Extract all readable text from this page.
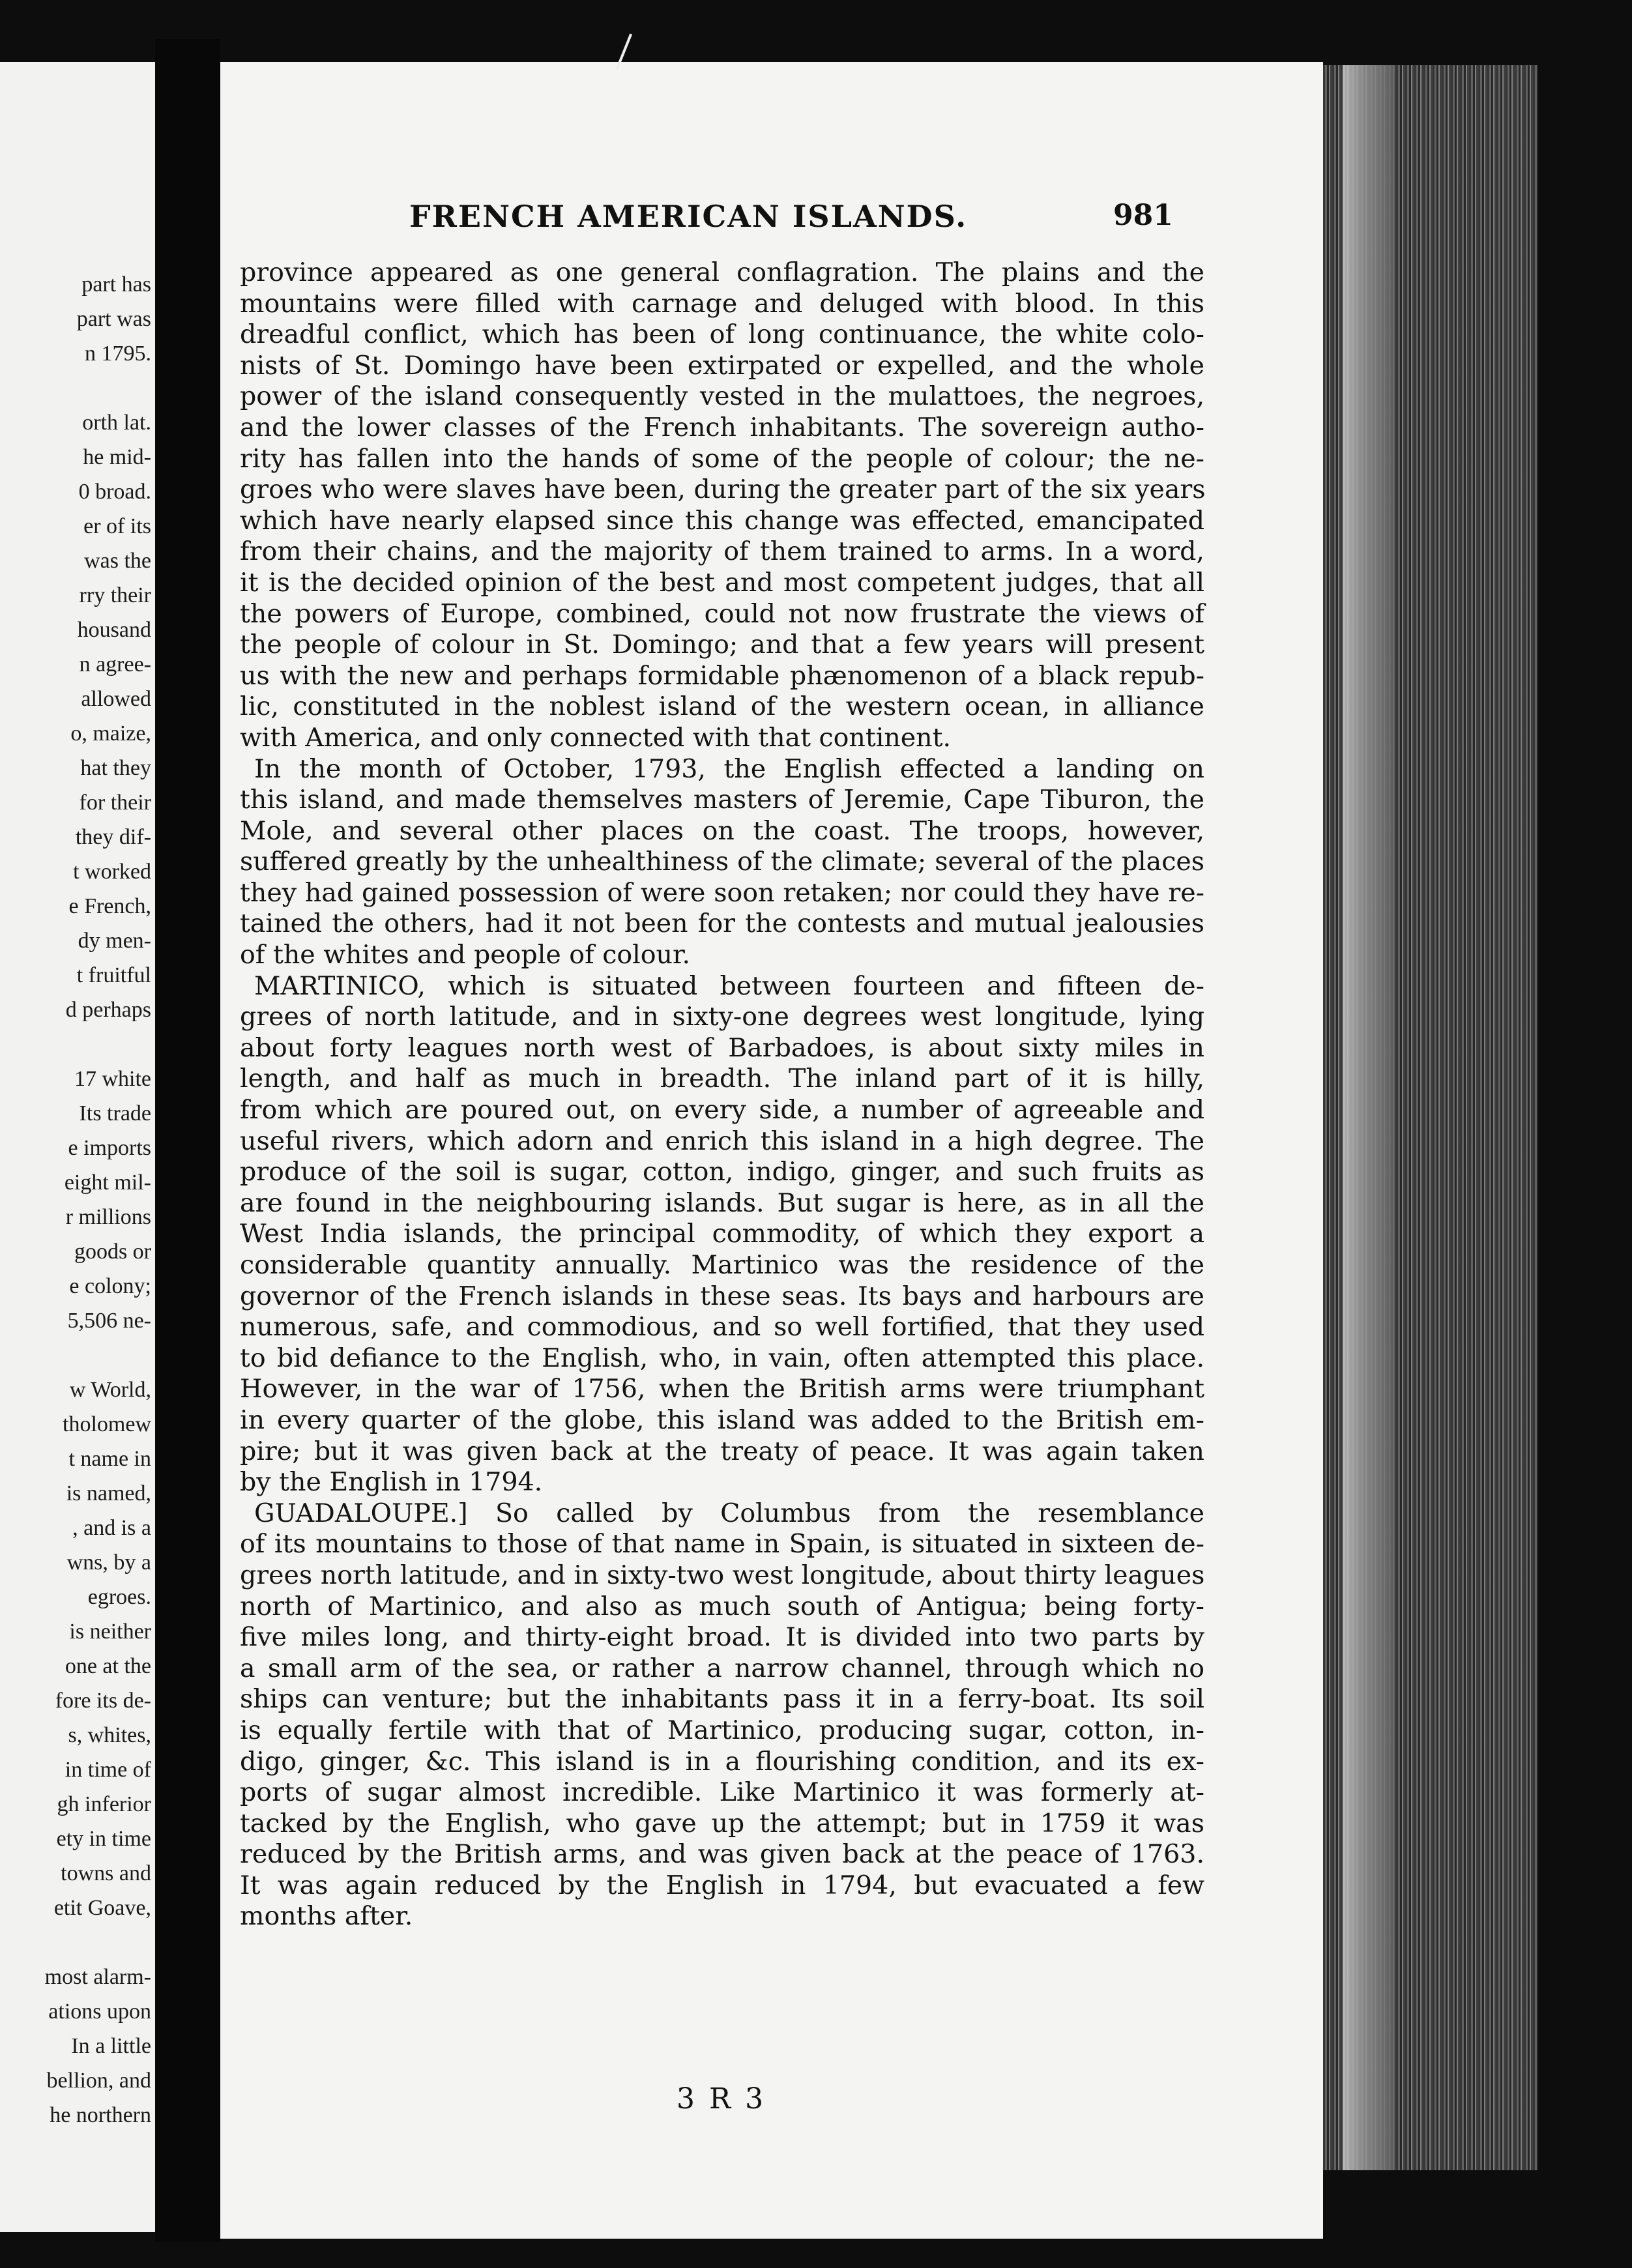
part has
part was
n 1795.
orth lat.
he mid-
0 broad.
er of its
was the
rry their
housand
n agree-
allowed
o, maize,
hat they
for their
they dif-
t worked
e French,
dy men-
t fruitful
d perhaps
17 white
Its trade
e imports
eight mil-
r millions
goods or
e colony;
5,506 ne-
w World,
tholomew
t name in
is named,
, and is a
wns, by a
egroes.
is neither
one at the
fore its de-
s, whites,
in time of
gh inferior
ety in time
towns and
etit Goave,
most alarm-
ations upon
In a little
bellion, and
he northern
FRENCH AMERICAN ISLANDS.	981
province appeared as one general conflagration. The plains and the
mountains were filled with carnage and deluged with blood. In this
dreadful conflict, which has been of long continuance, the white colo-
nists of St. Domingo have been extirpated or expelled, and the whole
power of the island consequently vested in the mulattoes, the negroes,
and the lower classes of the French inhabitants. The sovereign autho-
rity has fallen into the hands of some of the people of colour; the ne-
groes who were slaves have been, during the greater part of the six years
which have nearly elapsed since this change was effected, emancipated
from their chains, and the majority of them trained to arms. In a word,
it is the decided opinion of the best and most competent judges, that all
the powers of Europe, combined, could not now frustrate the views of
the people of colour in St. Domingo; and that a few years will present
us with the new and perhaps formidable phænomenon of a black repub-
lic, constituted in the noblest island of the western ocean, in alliance
with America, and only connected with that continent.
In the month of October, 1793, the English effected a landing on
this island, and made themselves masters of Jeremie, Cape Tiburon, the
Mole, and several other places on the coast. The troops, however,
suffered greatly by the unhealthiness of the climate; several of the places
they had gained possession of were soon retaken; nor could they have re-
tained the others, had it not been for the contests and mutual jealousies
of the whites and people of colour.
MARTINICO, which is situated between fourteen and fifteen de-
grees of north latitude, and in sixty-one degrees west longitude, lying
about forty leagues north west of Barbadoes, is about sixty miles in
length, and half as much in breadth. The inland part of it is hilly,
from which are poured out, on every side, a number of agreeable and
useful rivers, which adorn and enrich this island in a high degree. The
produce of the soil is sugar, cotton, indigo, ginger, and such fruits as
are found in the neighbouring islands. But sugar is here, as in all the
West India islands, the principal commodity, of which they export a
considerable quantity annually. Martinico was the residence of the
governor of the French islands in these seas. Its bays and harbours are
numerous, safe, and commodious, and so well fortified, that they used
to bid defiance to the English, who, in vain, often attempted this place.
However, in the war of 1756, when the British arms were triumphant
in every quarter of the globe, this island was added to the British em-
pire; but it was given back at the treaty of peace. It was again taken
by the English in 1794.
GUADALOUPE.] So called by Columbus from the resemblance
of its mountains to those of that name in Spain, is situated in sixteen de-
grees north latitude, and in sixty-two west longitude, about thirty leagues
north of Martinico, and also as much south of Antigua; being forty-
five miles long, and thirty-eight broad. It is divided into two parts by
a small arm of the sea, or rather a narrow channel, through which no
ships can venture; but the inhabitants pass it in a ferry-boat. Its soil
is equally fertile with that of Martinico, producing sugar, cotton, in-
digo, ginger, &c. This island is in a flourishing condition, and its ex-
ports of sugar almost incredible. Like Martinico it was formerly at-
tacked by the English, who gave up the attempt; but in 1759 it was
reduced by the British arms, and was given back at the peace of 1763.
It was again reduced by the English in 1794, but evacuated a few
months after.
3 R 3
